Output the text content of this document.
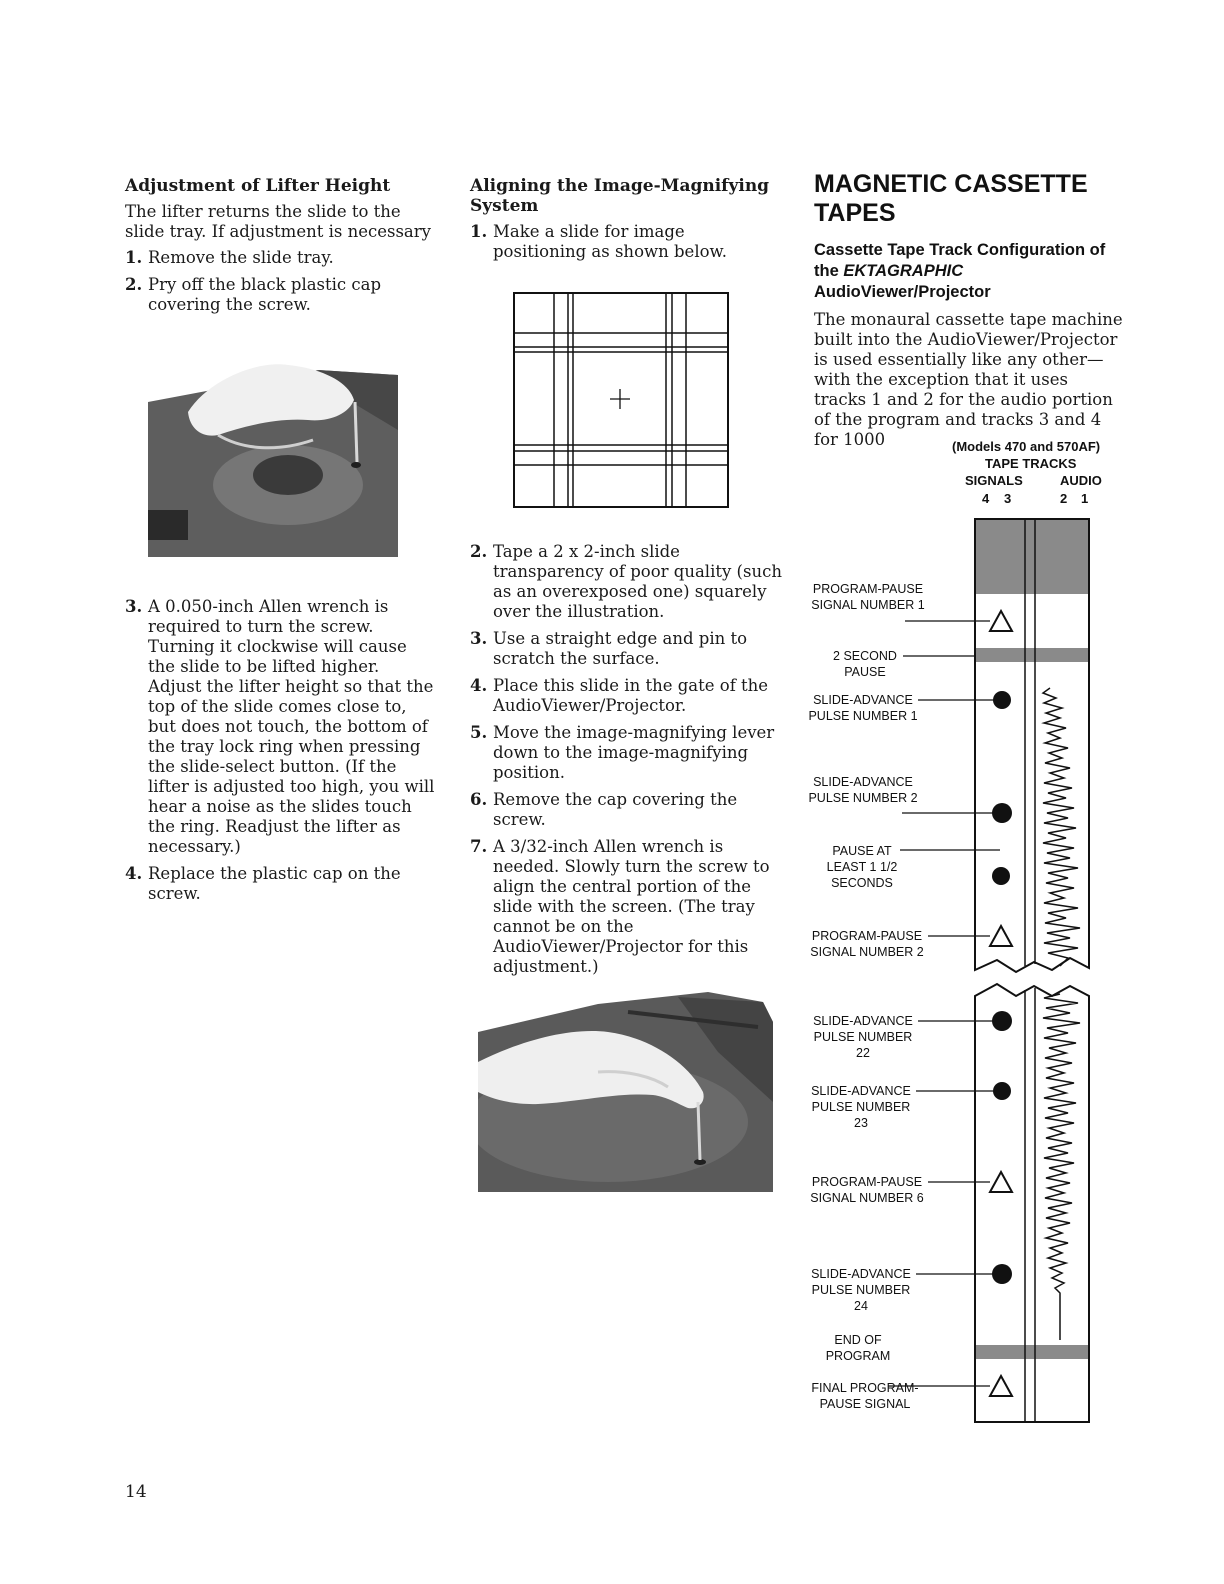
Adjustment of Lifter Height

The lifter returns the slide to the slide tray. If adjustment is necessary

1. Remove the slide tray.
2. Pry off the black plastic cap covering the screw.
3. A 0.050-inch Allen wrench is required to turn the screw. Turning it clockwise will cause the slide to be lifted higher. Adjust the lifter height so that the top of the slide comes close to, but does not touch, the bottom of the tray lock ring when pressing the slide-select button. (If the lifter is adjusted too high, you will hear a noise as the slides touch the ring. Readjust the lifter as necessary.)
4. Replace the plastic cap on the screw.
Aligning the Image-Magnifying System
1. Make a slide for image positioning as shown below.
2. Tape a 2 x 2-inch slide transparency of poor quality (such as an overexposed one) squarely over the illustration.
3. Use a straight edge and pin to scratch the surface.
4. Place this slide in the gate of the AudioViewer/Projector.
5. Move the image-magnifying lever down to the image-magnifying position.
6. Remove the cap covering the screw.
7. A 3/32-inch Allen wrench is needed. Slowly turn the screw to align the central portion of the slide with the screen. (The tray cannot be on the AudioViewer/Projector for this adjustment.)
MAGNETIC CASSETTE TAPES
Cassette Tape Track Configuration of the EKTAGRAPHIC
AudioViewer/Projector

The monaural cassette tape machine built into the AudioViewer/Projector is used essentially like any other—with the exception that it uses tracks 1 and 2 for the audio portion of the program and tracks 3 and 4 for 1000	(Models 470 and 570AF)
TAPE TRACKS
SIGNALS	AUDIO
4 3	2 1
PROGRAM-PAUSE SIGNAL NUMBER 1
2 SECOND PAUSE
SLIDE-ADVANCE PULSE NUMBER 1
SLIDE-ADVANCE PULSE NUMBER 2
PAUSE AT LEAST 1 1/2 SECONDS
PROGRAM-PAUSE SIGNAL NUMBER 2
SLIDE-ADVANCE PULSE NUMBER 22
SLIDE-ADVANCE PULSE NUMBER 23
PROGRAM-PAUSE SIGNAL NUMBER 6
SLIDE-ADVANCE PULSE NUMBER 24
END OF PROGRAM
FINAL PROGRAM-PAUSE SIGNAL
14
